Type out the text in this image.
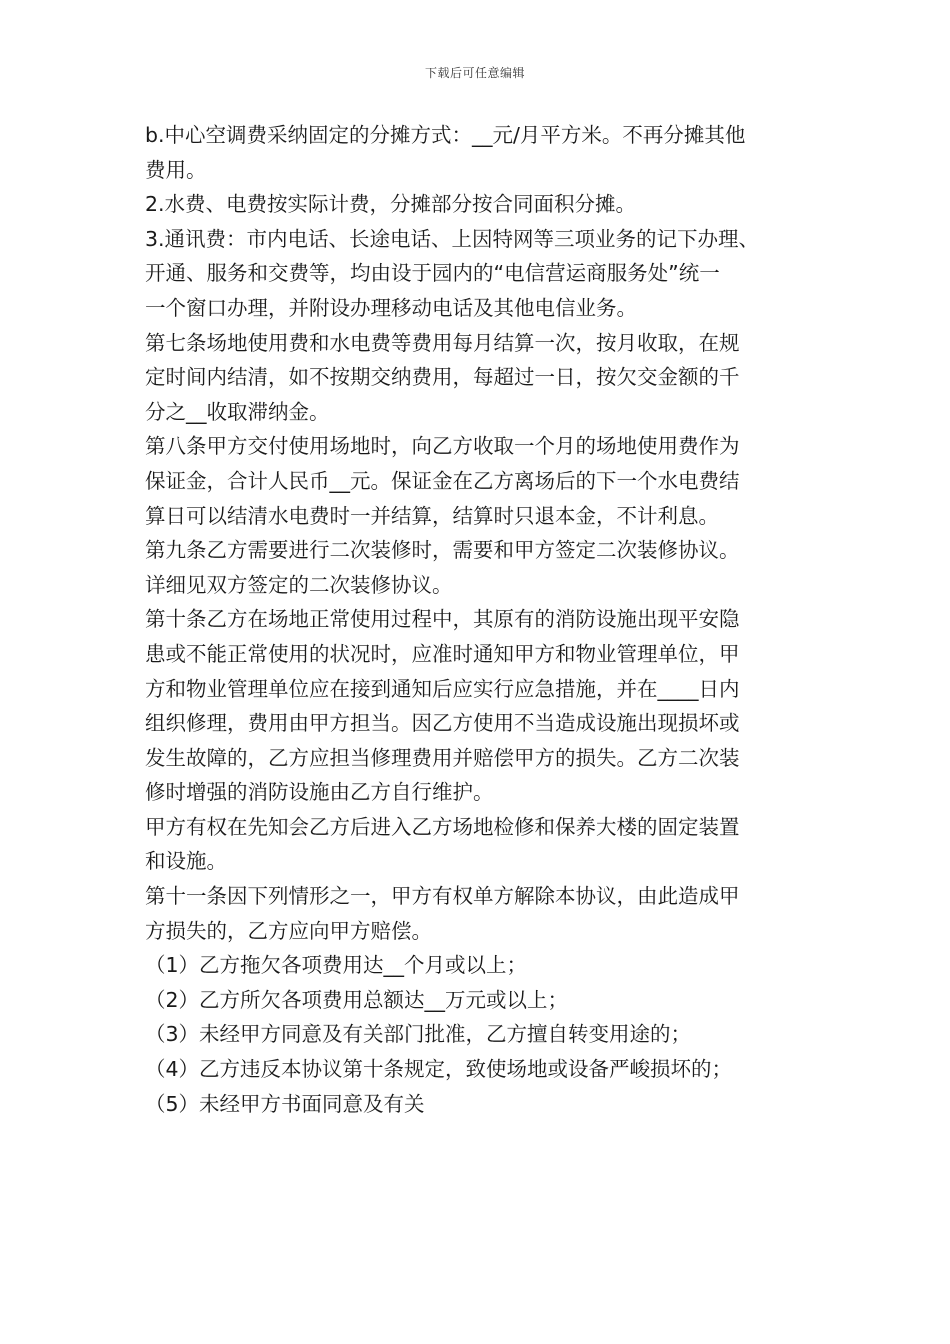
下载后可任意编辑
b.中心空调费采纳固定的分摊方式：__元/月平方米。不再分摊其他
费用。
2.水费、电费按实际计费，分摊部分按合同面积分摊。
3.通讯费：市内电话、长途电话、上因特网等三项业务的记下办理、
开通、服务和交费等，均由设于园内的“电信营运商服务处”统一
一个窗口办理，并附设办理移动电话及其他电信业务。
第七条场地使用费和水电费等费用每月结算一次，按月收取，在规
定时间内结清，如不按期交纳费用，每超过一日，按欠交金额的千
分之__收取滞纳金。
第八条甲方交付使用场地时，向乙方收取一个月的场地使用费作为
保证金，合计人民币__元。保证金在乙方离场后的下一个水电费结
算日可以结清水电费时一并结算，结算时只退本金，不计利息。
第九条乙方需要进行二次装修时，需要和甲方签定二次装修协议。
详细见双方签定的二次装修协议。
第十条乙方在场地正常使用过程中，其原有的消防设施出现平安隐
患或不能正常使用的状况时，应准时通知甲方和物业管理单位，甲
方和物业管理单位应在接到通知后应实行应急措施，并在____日内
组织修理，费用由甲方担当。因乙方使用不当造成设施出现损坏或
发生故障的，乙方应担当修理费用并赔偿甲方的损失。乙方二次装
修时增强的消防设施由乙方自行维护。
甲方有权在先知会乙方后进入乙方场地检修和保养大楼的固定装置
和设施。
第十一条因下列情形之一，甲方有权单方解除本协议，由此造成甲
方损失的，乙方应向甲方赔偿。
（1）乙方拖欠各项费用达__个月或以上；
（2）乙方所欠各项费用总额达__万元或以上；
（3）未经甲方同意及有关部门批准，乙方擅自转变用途的；
（4）乙方违反本协议第十条规定，致使场地或设备严峻损坏的；
（5）未经甲方书面同意及有关
